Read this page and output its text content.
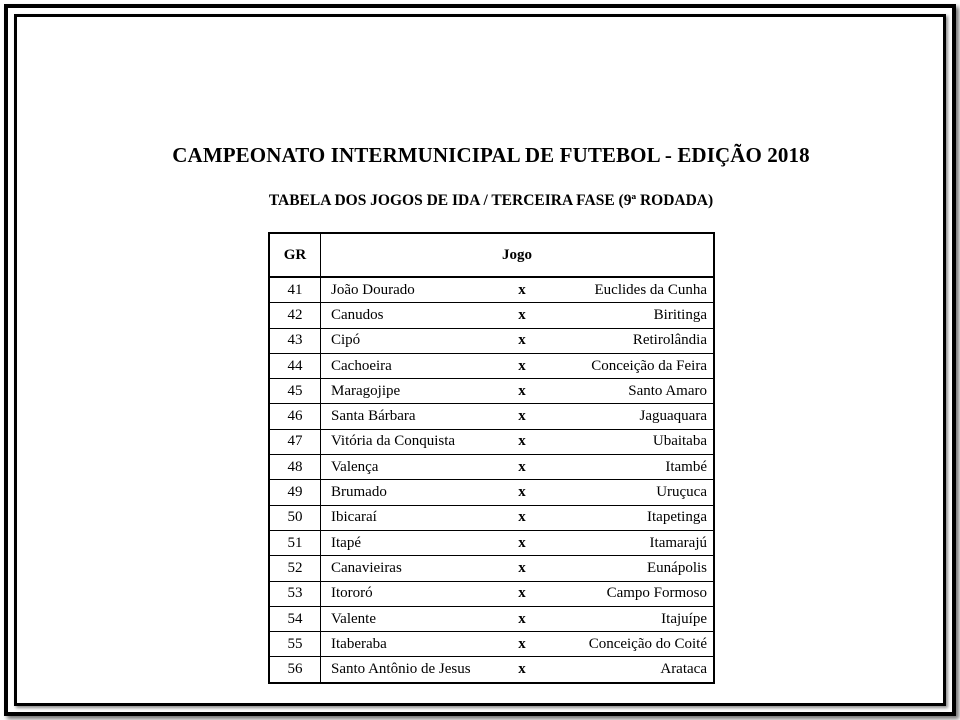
CAMPEONATO INTERMUNICIPAL DE FUTEBOL - EDIÇÃO 2018
TABELA DOS JOGOS DE IDA / TERCEIRA FASE (9ª RODADA)
GR	Jogo		
41	João Dourado	x	Euclides da Cunha
42	Canudos	x	Biritinga
43	Cipó	x	Retirolândia
44	Cachoeira	x	Conceição da Feira
45	Maragojipe	x	Santo Amaro
46	Santa Bárbara	x	Jaguaquara
47	Vitória da Conquista	x	Ubaitaba
48	Valença	x	Itambé
49	Brumado	x	Uruçuca
50	Ibicaraí	x	Itapetinga
51	Itapé	x	Itamarajú
52	Canavieiras	x	Eunápolis
53	Itororó	x	Campo Formoso
54	Valente	x	Itajuípe
55	Itaberaba	x	Conceição do Coité
56	Santo Antônio de Jesus	x	Arataca
